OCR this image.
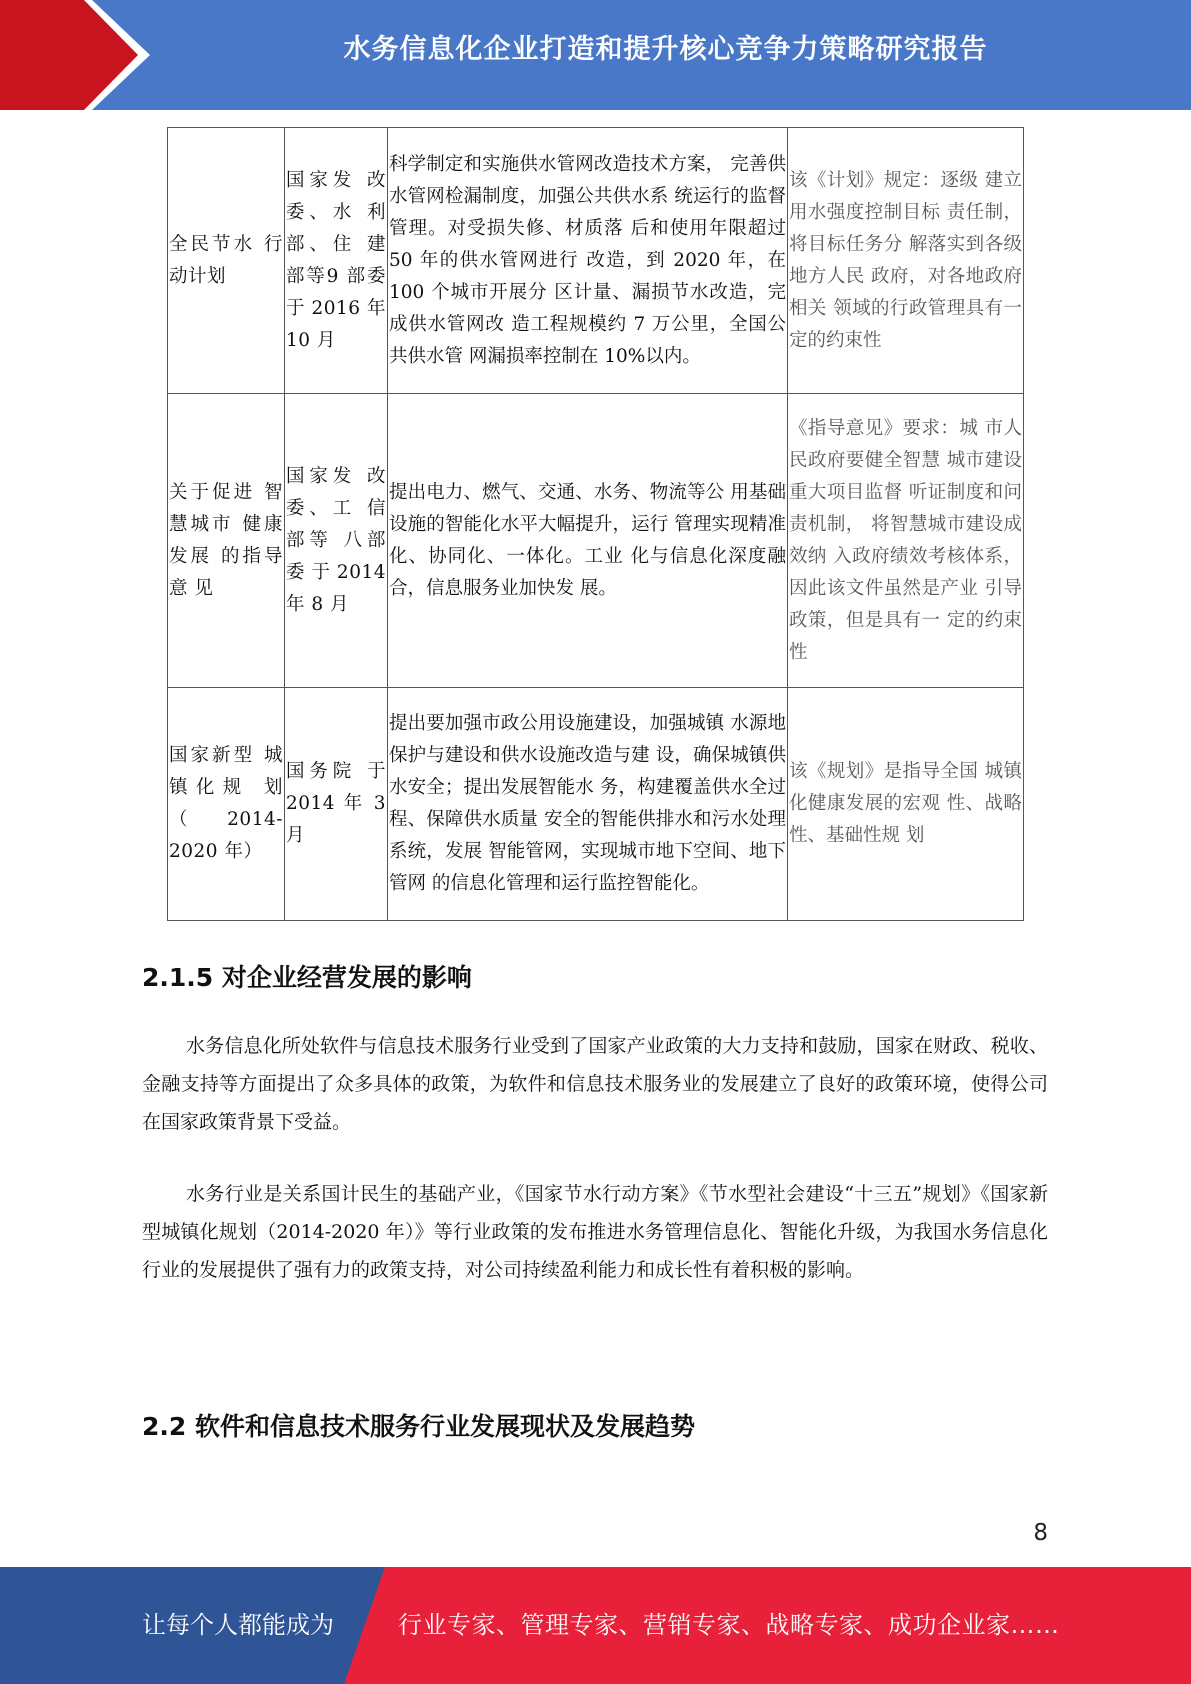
水务信息化企业打造和提升核心竞争力策略研究报告
全民节水 行动计划	国家发 改委、水 利部、住 建部等9 部委于 2016 年 10 月	科学制定和实施供水管网改造技术方案， 完善供水管网检漏制度，加强公共供水系 统运行的监督管理。对受损失修、材质落 后和使用年限超过 50 年的供水管网进行 改造，到 2020 年，在 100 个城市开展分 区计量、漏损节水改造，完成供水管网改 造工程规模约 7 万公里，全国公共供水管 网漏损率控制在 10%以内。	该《计划》规定：逐级 建立用水强度控制目标 责任制，将目标任务分 解落实到各级地方人民 政府，对各地政府相关 领域的行政管理具有一 定的约束性
关于促进 智慧城市 健康发展 的指导意 见	国家发 改委、工 信部等 八部委 于 2014 年 8 月	提出电力、燃气、交通、水务、物流等公 用基础设施的智能化水平大幅提升，运行 管理实现精准化、协同化、一体化。工业 化与信息化深度融合，信息服务业加快发 展。	《指导意见》要求：城 市人民政府要健全智慧 城市建设重大项目监督 听证制度和问责机制， 将智慧城市建设成效纳 入政府绩效考核体系， 因此该文件虽然是产业 引导政策，但是具有一 定的约束性
国家新型 城镇化规 划 （2014-2020 年）	国务院 于 2014 年 3 月	提出要加强市政公用设施建设，加强城镇 水源地保护与建设和供水设施改造与建 设，确保城镇供水安全；提出发展智能水 务，构建覆盖供水全过程、保障供水质量 安全的智能供排水和污水处理系统，发展 智能管网，实现城市地下空间、地下管网 的信息化管理和运行监控智能化。	该《规划》是指导全国 城镇化健康发展的宏观 性、战略性、基础性规 划
2.1.5 对企业经营发展的影响

水务信息化所处软件与信息技术服务行业受到了国家产业政策的大力支持和鼓励，国家在财政、税收、金融支持等方面提出了众多具体的政策，为软件和信息技术服务业的发展建立了良好的政策环境，使得公司在国家政策背景下受益。

水务行业是关系国计民生的基础产业，《国家节水行动方案》《节水型社会建设“十三五”规划》《国家新型城镇化规划（2014-2020 年）》等行业政策的发布推进水务管理信息化、智能化升级，为我国水务信息化行业的发展提供了强有力的政策支持，对公司持续盈利能力和成长性有着积极的影响。

2.2 软件和信息技术服务行业发展现状及发展趋势
8
让每个人都能成为	行业专家、管理专家、营销专家、战略专家、成功企业家……
